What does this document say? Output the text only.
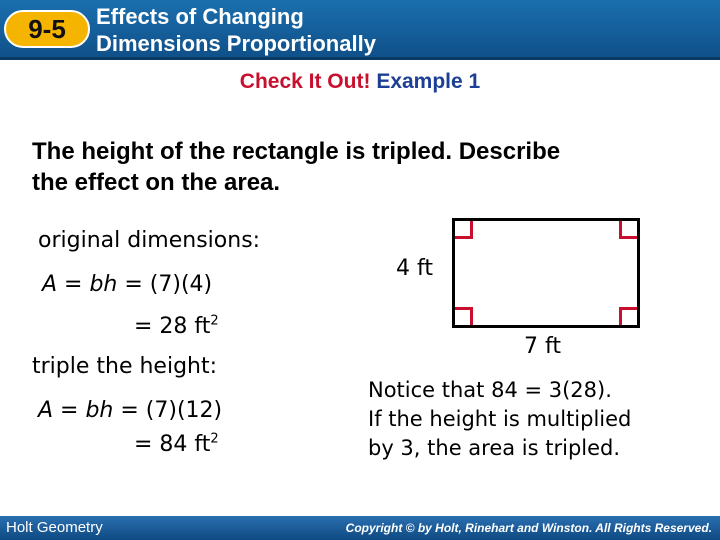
9-5	Effects of Changing
Dimensions Proportionally
Check It Out! Example 1
The height of the rectangle is tripled. Describe
the effect on the area.
original dimensions:
A = bh = (7)(4)
= 28 $ft^2$
triple the height:
A = bh = (7)(12)
= 84 $ft^2$
4 ft
7 ft
Notice that 84 = 3(28).
If the height is multiplied
by 3, the area is tripled.
Holt Geometry	Copyright © by Holt, Rinehart and Winston. All Rights Reserved.
